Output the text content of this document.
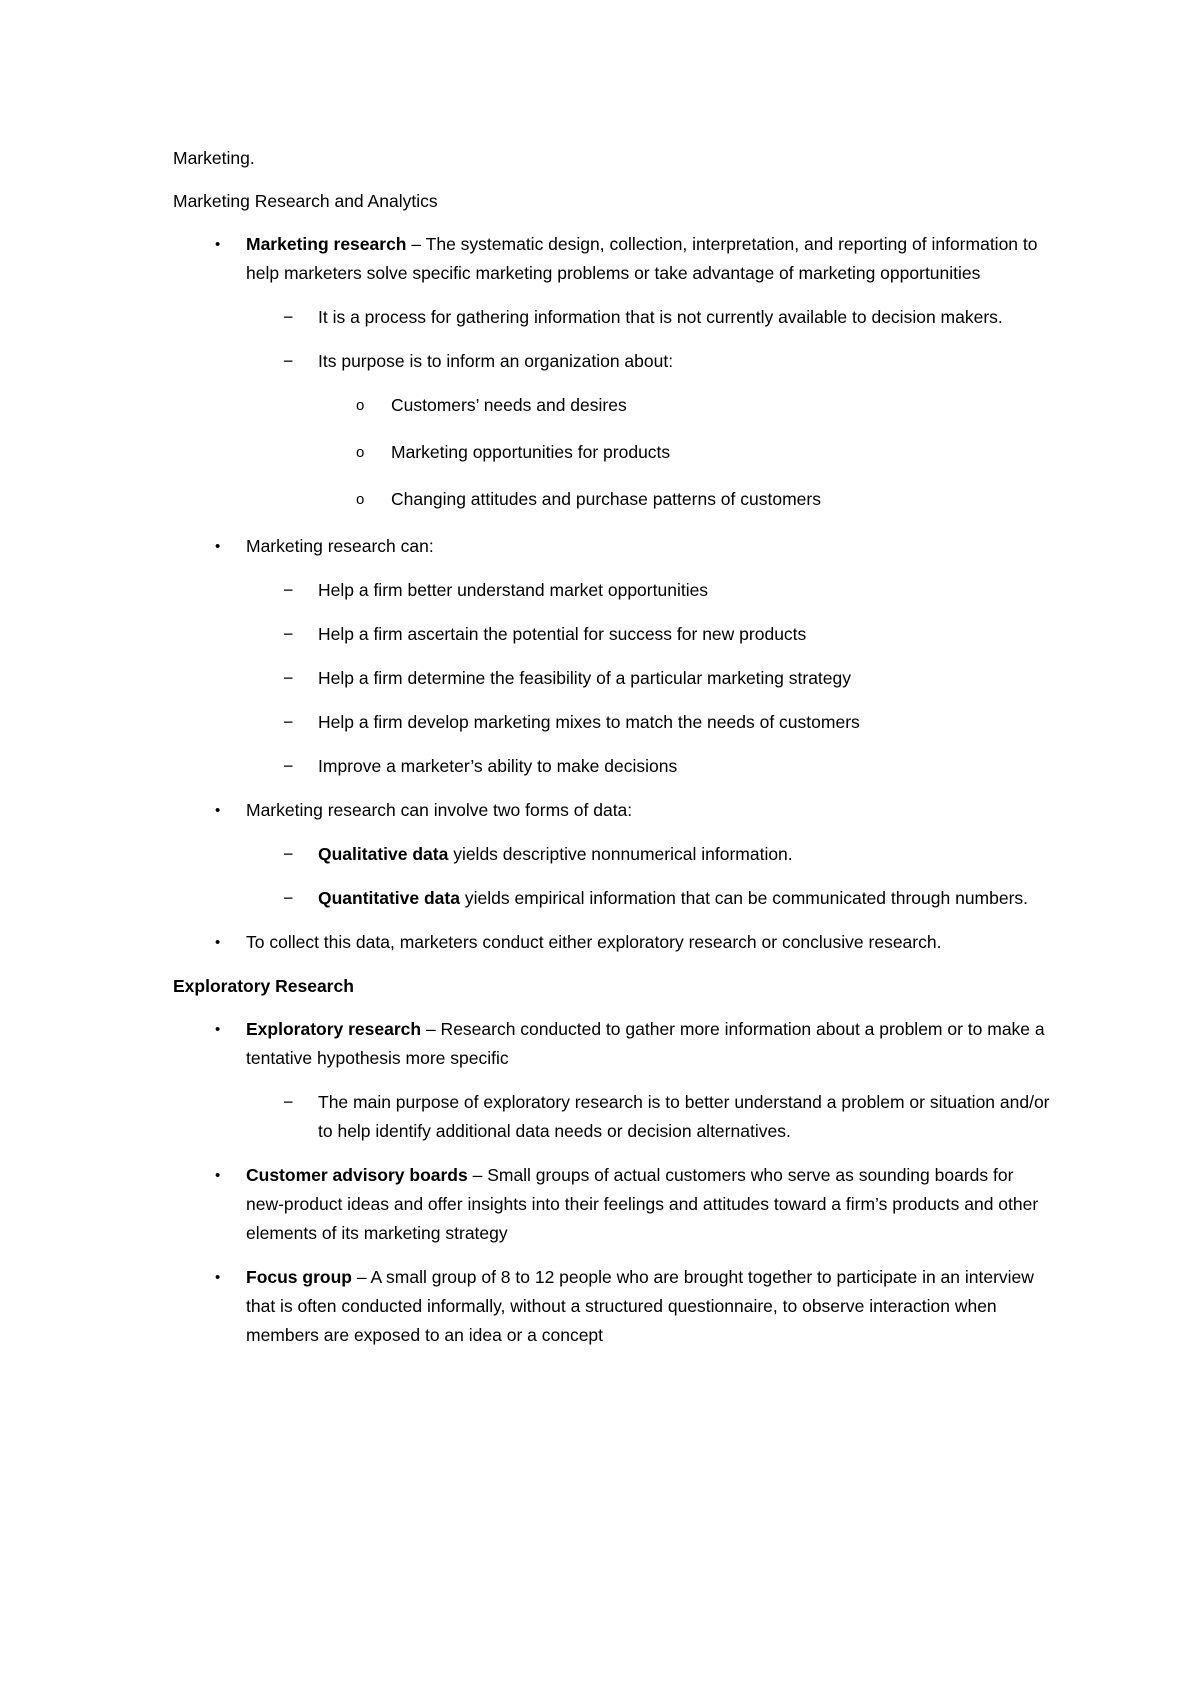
Marketing.

Marketing Research and Analytics

• Marketing research – The systematic design, collection, interpretation, and reporting of information to help marketers solve specific marketing problems or take advantage of marketing opportunities
− It is a process for gathering information that is not currently available to decision makers.
− Its purpose is to inform an organization about:
o Customers’ needs and desires
o Marketing opportunities for products
o Changing attitudes and purchase patterns of customers
• Marketing research can:
− Help a firm better understand market opportunities
− Help a firm ascertain the potential for success for new products
− Help a firm determine the feasibility of a particular marketing strategy
− Help a firm develop marketing mixes to match the needs of customers
− Improve a marketer’s ability to make decisions
• Marketing research can involve two forms of data:
− Qualitative data yields descriptive nonnumerical information.
− Quantitative data yields empirical information that can be communicated through numbers.
• To collect this data, marketers conduct either exploratory research or conclusive research.

Exploratory Research

• Exploratory research – Research conducted to gather more information about a problem or to make a tentative hypothesis more specific
− The main purpose of exploratory research is to better understand a problem or situation and/or to help identify additional data needs or decision alternatives.
• Customer advisory boards – Small groups of actual customers who serve as sounding boards for new-product ideas and offer insights into their feelings and attitudes toward a firm’s products and other elements of its marketing strategy
• Focus group – A small group of 8 to 12 people who are brought together to participate in an interview that is often conducted informally, without a structured questionnaire, to observe interaction when members are exposed to an idea or a concept
